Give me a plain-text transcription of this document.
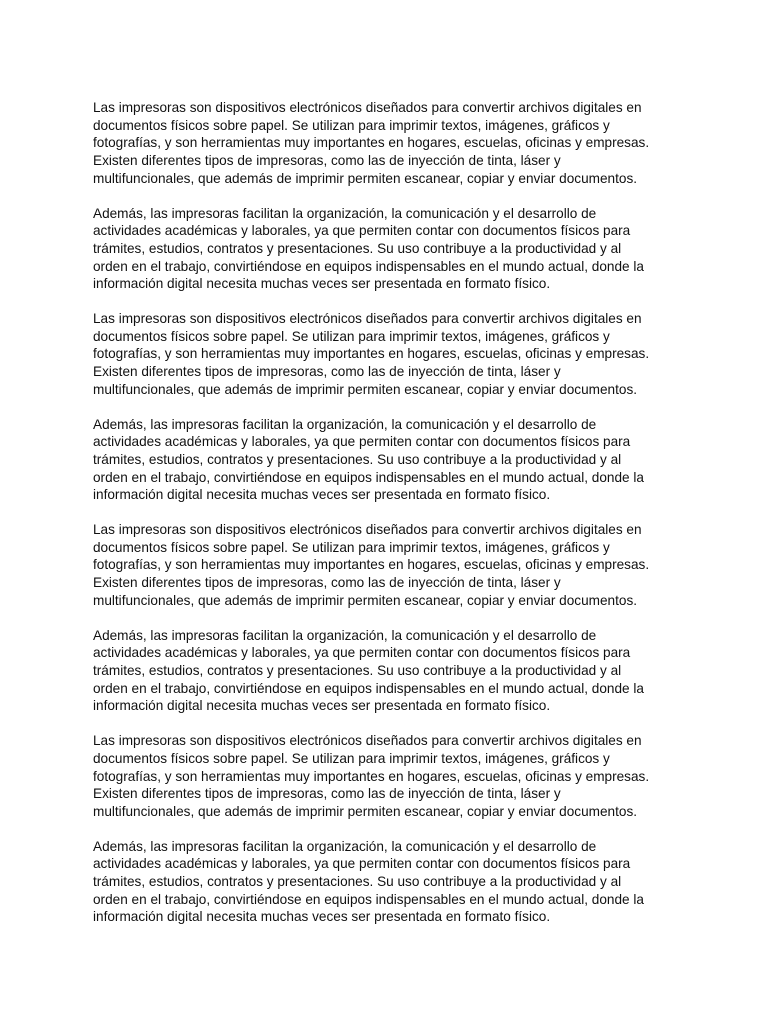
Las impresoras son dispositivos electrónicos diseñados para convertir archivos digitales en
documentos físicos sobre papel. Se utilizan para imprimir textos, imágenes, gráficos y
fotografías, y son herramientas muy importantes en hogares, escuelas, oficinas y empresas.
Existen diferentes tipos de impresoras, como las de inyección de tinta, láser y
multifuncionales, que además de imprimir permiten escanear, copiar y enviar documentos.

Además, las impresoras facilitan la organización, la comunicación y el desarrollo de
actividades académicas y laborales, ya que permiten contar con documentos físicos para
trámites, estudios, contratos y presentaciones. Su uso contribuye a la productividad y al
orden en el trabajo, convirtiéndose en equipos indispensables en el mundo actual, donde la
información digital necesita muchas veces ser presentada en formato físico.

Las impresoras son dispositivos electrónicos diseñados para convertir archivos digitales en
documentos físicos sobre papel. Se utilizan para imprimir textos, imágenes, gráficos y
fotografías, y son herramientas muy importantes en hogares, escuelas, oficinas y empresas.
Existen diferentes tipos de impresoras, como las de inyección de tinta, láser y
multifuncionales, que además de imprimir permiten escanear, copiar y enviar documentos.

Además, las impresoras facilitan la organización, la comunicación y el desarrollo de
actividades académicas y laborales, ya que permiten contar con documentos físicos para
trámites, estudios, contratos y presentaciones. Su uso contribuye a la productividad y al
orden en el trabajo, convirtiéndose en equipos indispensables en el mundo actual, donde la
información digital necesita muchas veces ser presentada en formato físico.

Las impresoras son dispositivos electrónicos diseñados para convertir archivos digitales en
documentos físicos sobre papel. Se utilizan para imprimir textos, imágenes, gráficos y
fotografías, y son herramientas muy importantes en hogares, escuelas, oficinas y empresas.
Existen diferentes tipos de impresoras, como las de inyección de tinta, láser y
multifuncionales, que además de imprimir permiten escanear, copiar y enviar documentos.

Además, las impresoras facilitan la organización, la comunicación y el desarrollo de
actividades académicas y laborales, ya que permiten contar con documentos físicos para
trámites, estudios, contratos y presentaciones. Su uso contribuye a la productividad y al
orden en el trabajo, convirtiéndose en equipos indispensables en el mundo actual, donde la
información digital necesita muchas veces ser presentada en formato físico.

Las impresoras son dispositivos electrónicos diseñados para convertir archivos digitales en
documentos físicos sobre papel. Se utilizan para imprimir textos, imágenes, gráficos y
fotografías, y son herramientas muy importantes en hogares, escuelas, oficinas y empresas.
Existen diferentes tipos de impresoras, como las de inyección de tinta, láser y
multifuncionales, que además de imprimir permiten escanear, copiar y enviar documentos.

Además, las impresoras facilitan la organización, la comunicación y el desarrollo de
actividades académicas y laborales, ya que permiten contar con documentos físicos para
trámites, estudios, contratos y presentaciones. Su uso contribuye a la productividad y al
orden en el trabajo, convirtiéndose en equipos indispensables en el mundo actual, donde la
información digital necesita muchas veces ser presentada en formato físico.
